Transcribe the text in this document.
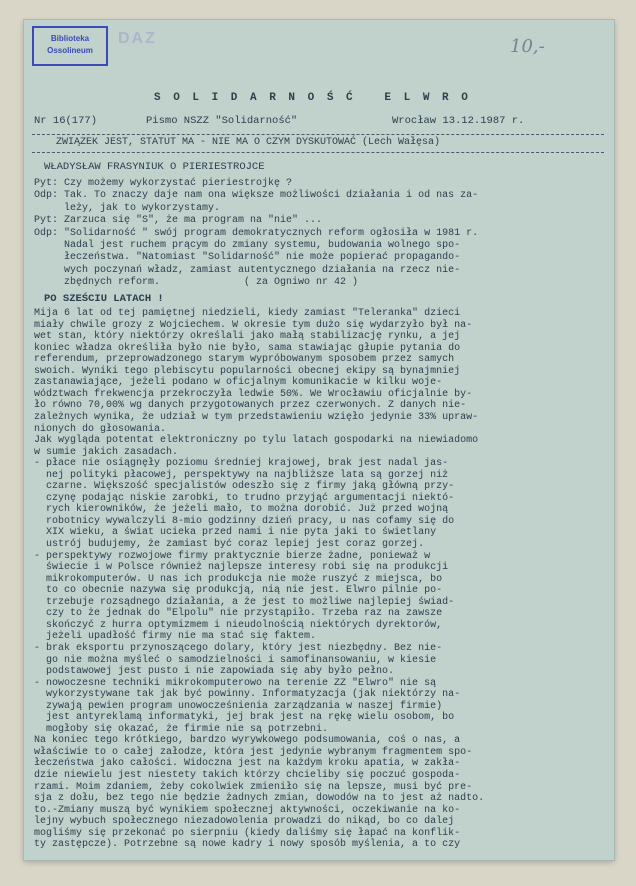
Biblioteka
Ossolineum
DAZ	10,-
S O L I D A R N O Ś Ć   E L W R O
Nr 16(177)	Pismo NSZZ "Solidarność"	Wrocław 13.12.1987 r.
ZWIĄZEK JEST, STATUT MA - NIE MA O CZYM DYSKUTOWAĆ (Lech Wałęsa)
WŁADYSŁAW FRASYNIUK O PIERIESTROJCE
Pyt: Czy możemy wykorzystać pieriestrojkę ?
Odp: Tak. To znaczy daje nam ona większe możliwości działania i od nas za-
leży, jak to wykorzystamy.
Pyt: Zarzuca się "S", że ma program na "nie" ...
Odp: "Solidarność " swój program demokratycznych reform ogłosiła w 1981 r.
Nadal jest ruchem prącym do zmiany systemu, budowania wolnego spo-
łeczeństwa. "Natomiast "Solidarność" nie może popierać propagando-
wych poczynań władz, zamiast autentycznego działania na rzecz nie-
zbędnych reform.              ( za Ogniwo nr 42 )
PO SZEŚCIU LATACH !
Mija 6 lat od tej pamiętnej niedzieli, kiedy zamiast "Teleranka" dzieci
miały chwile grozy z Wojciechem. W okresie tym dużo się wydarzyło był na-
wet stan, który niektórzy określali jako małą stabilizację rynku, a jej
koniec władza określiła było nie było, sama stawiając głupie pytania do
referendum, przeprowadzonego starym wypróbowanym sposobem przez samych
swoich. Wyniki tego plebiscytu popularności obecnej ekipy są bynajmniej
zastanawiające, jeżeli podano w oficjalnym komunikacie w kilku woje-
wództwach frekwencja przekroczyła ledwie 50%. We Wrocławiu oficjalnie by-
ło równo 70,00% wg danych przygotowanych przez czerwonych. Z danych nie-
zależnych wynika, że udział w tym przedstawieniu wzięło jedynie 33% upraw-
nionych do głosowania.
Jak wygląda potentat elektroniczny po tylu latach gospodarki na niewiadomo
w sumie jakich zasadach.
- płace nie osiągnęły poziomu średniej krajowej, brak jest nadal jas-
nej polityki płacowej, perspektywy na najbliższe lata są gorzej niż
czarne. Większość specjalistów odeszło się z firmy jaką główną przy-
czynę podając niskie zarobki, to trudno przyjąć argumentacji niektó-
rych kierowników, że jeżeli mało, to można dorobić. Już przed wojną
robotnicy wywalczyli 8-mio godzinny dzień pracy, u nas cofamy się do
XIX wieku, a świat ucieka przed nami i nie pyta jaki to świetlany
ustrój budujemy, że zamiast być coraz lepiej jest coraz gorzej.
- perspektywy rozwojowe firmy praktycznie bierze żadne, ponieważ w
świecie i w Polsce również najlepsze interesy robi się na produkcji
mikrokomputerów. U nas ich produkcja nie może ruszyć z miejsca, bo
to co obecnie nazywa się produkcją, nią nie jest. Elwro pilnie po-
trzebuje rozsądnego działania, a że jest to możliwe najlepiej świad-
czy to że jednak do "Elpolu" nie przystąpiło. Trzeba raz na zawsze
skończyć z hurra optymizmem i nieudolnością niektórych dyrektorów,
jeżeli upadłość firmy nie ma stać się faktem.
- brak eksportu przynoszącego dolary, który jest niezbędny. Bez nie-
go nie można myśleć o samodzielności i samofinansowaniu, w kiesie
podstawowej jest pusto i nie zapowiada się aby było pełno.
- nowoczesne techniki mikrokomputerowo na terenie ZZ "Elwro" nie są
wykorzystywane tak jak być powinny. Informatyzacja (jak niektórzy na-
zywają pewien program unowocześnienia zarządzania w naszej firmie)
jest antyreklamą informatyki, jej brak jest na rękę wielu osobom, bo
mogłoby się okazać, że firmie nie są potrzebni.
Na koniec tego krótkiego, bardzo wyrywkowego podsumowania, coś o nas, a
właściwie to o całej załodze, która jest jedynie wybranym fragmentem spo-
łeczeństwa jako całości. Widoczna jest na każdym kroku apatia, w zakła-
dzie niewielu jest niestety takich którzy chcieliby się poczuć gospoda-
rzami. Moim zdaniem, żeby cokolwiek zmieniło się na lepsze, musi być pre-
sja z dołu, bez tego nie będzie żadnych zmian, dowodów na to jest aż nadto.
to.-Zmiany muszą być wynikiem społecznej aktywności, oczekiwanie na ko-
lejny wybuch społecznego niezadowolenia prowadzi do nikąd, bo co dalej
mogliśmy się przekonać po sierpniu (kiedy daliśmy się łapać na konflik-
ty zastępcze). Potrzebne są nowe kadry i nowy sposób myślenia, a to czy
